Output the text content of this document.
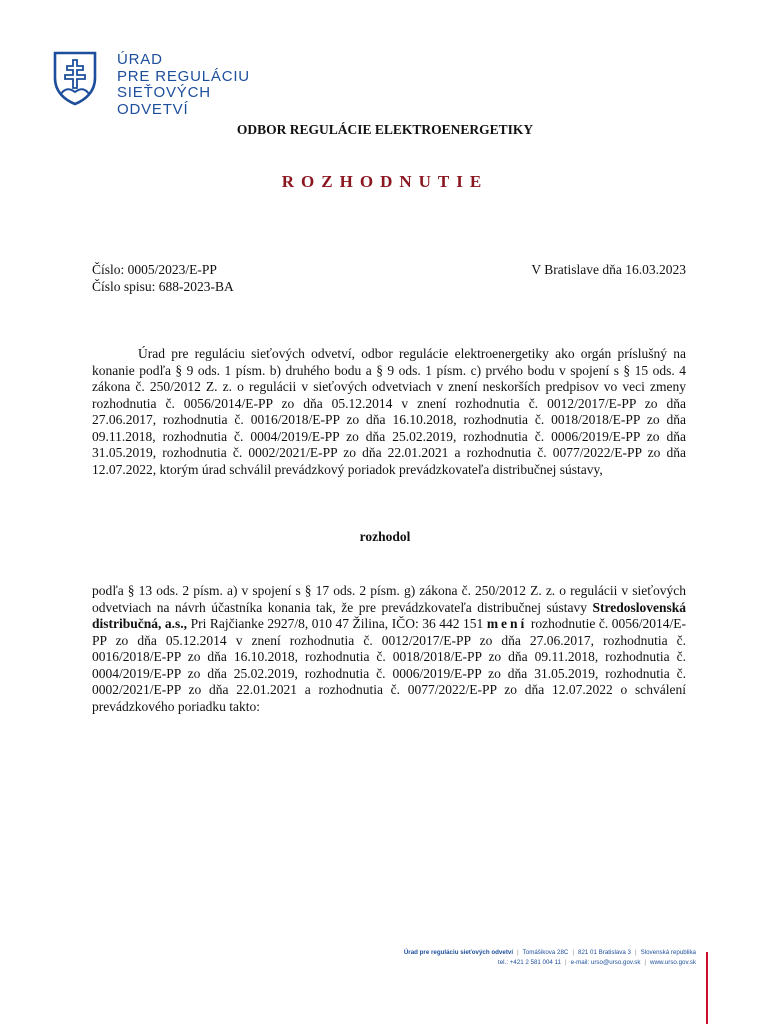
ÚRAD
PRE REGULÁCIU
SIEŤOVÝCH
ODVETVÍ
ODBOR REGULÁCIE ELEKTROENERGETIKY
ROZHODNUTIE
Číslo: 0005/2023/E-PP
Číslo spisu: 688-2023-BA
V Bratislave dňa 16.03.2023
Úrad pre reguláciu sieťových odvetví, odbor regulácie elektroenergetiky ako orgán príslušný na konanie podľa § 9 ods. 1 písm. b) druhého bodu a § 9 ods. 1 písm. c) prvého bodu v spojení s § 15 ods. 4 zákona č. 250/2012 Z. z. o regulácii v sieťových odvetviach v znení neskorších predpisov vo veci zmeny rozhodnutia č. 0056/2014/E-PP zo dňa 05.12.2014 v znení rozhodnutia č. 0012/2017/E-PP zo dňa 27.06.2017, rozhodnutia č. 0016/2018/E-PP zo dňa 16.10.2018, rozhodnutia č. 0018/2018/E-PP zo dňa 09.11.2018, rozhodnutia č. 0004/2019/E-PP zo dňa 25.02.2019, rozhodnutia č. 0006/2019/E-PP zo dňa 31.05.2019, rozhodnutia č. 0002/2021/E-PP zo dňa 22.01.2021 a rozhodnutia č. 0077/2022/E-PP zo dňa 12.07.2022, ktorým úrad schválil prevádzkový poriadok prevádzkovateľa distribučnej sústavy,
rozhodol
podľa § 13 ods. 2 písm. a) v spojení s § 17 ods. 2 písm. g) zákona č. 250/2012 Z. z. o regulácii v sieťových odvetviach na návrh účastníka konania tak, že pre prevádzkovateľa distribučnej sústavy Stredoslovenská distribučná, a.s., Pri Rajčianke 2927/8, 010 47 Žilina, IČO: 36 442 151 mení rozhodnutie č. 0056/2014/E-PP zo dňa 05.12.2014 v znení rozhodnutia č. 0012/2017/E-PP zo dňa 27.06.2017, rozhodnutia č. 0016/2018/E-PP zo dňa 16.10.2018, rozhodnutia č. 0018/2018/E-PP zo dňa 09.11.2018, rozhodnutia č. 0004/2019/E-PP zo dňa 25.02.2019, rozhodnutia č. 0006/2019/E-PP zo dňa 31.05.2019, rozhodnutia č. 0002/2021/E-PP zo dňa 22.01.2021 a rozhodnutia č. 0077/2022/E-PP zo dňa 12.07.2022 o schválení prevádzkového poriadku takto:
Úrad pre reguláciu sieťových odvetví | Tomášikova 28C | 821 01 Bratislava 3 | Slovenská republika
tel.: +421 2 581 004 11 | e-mail: urso@urso.gov.sk | www.urso.gov.sk
